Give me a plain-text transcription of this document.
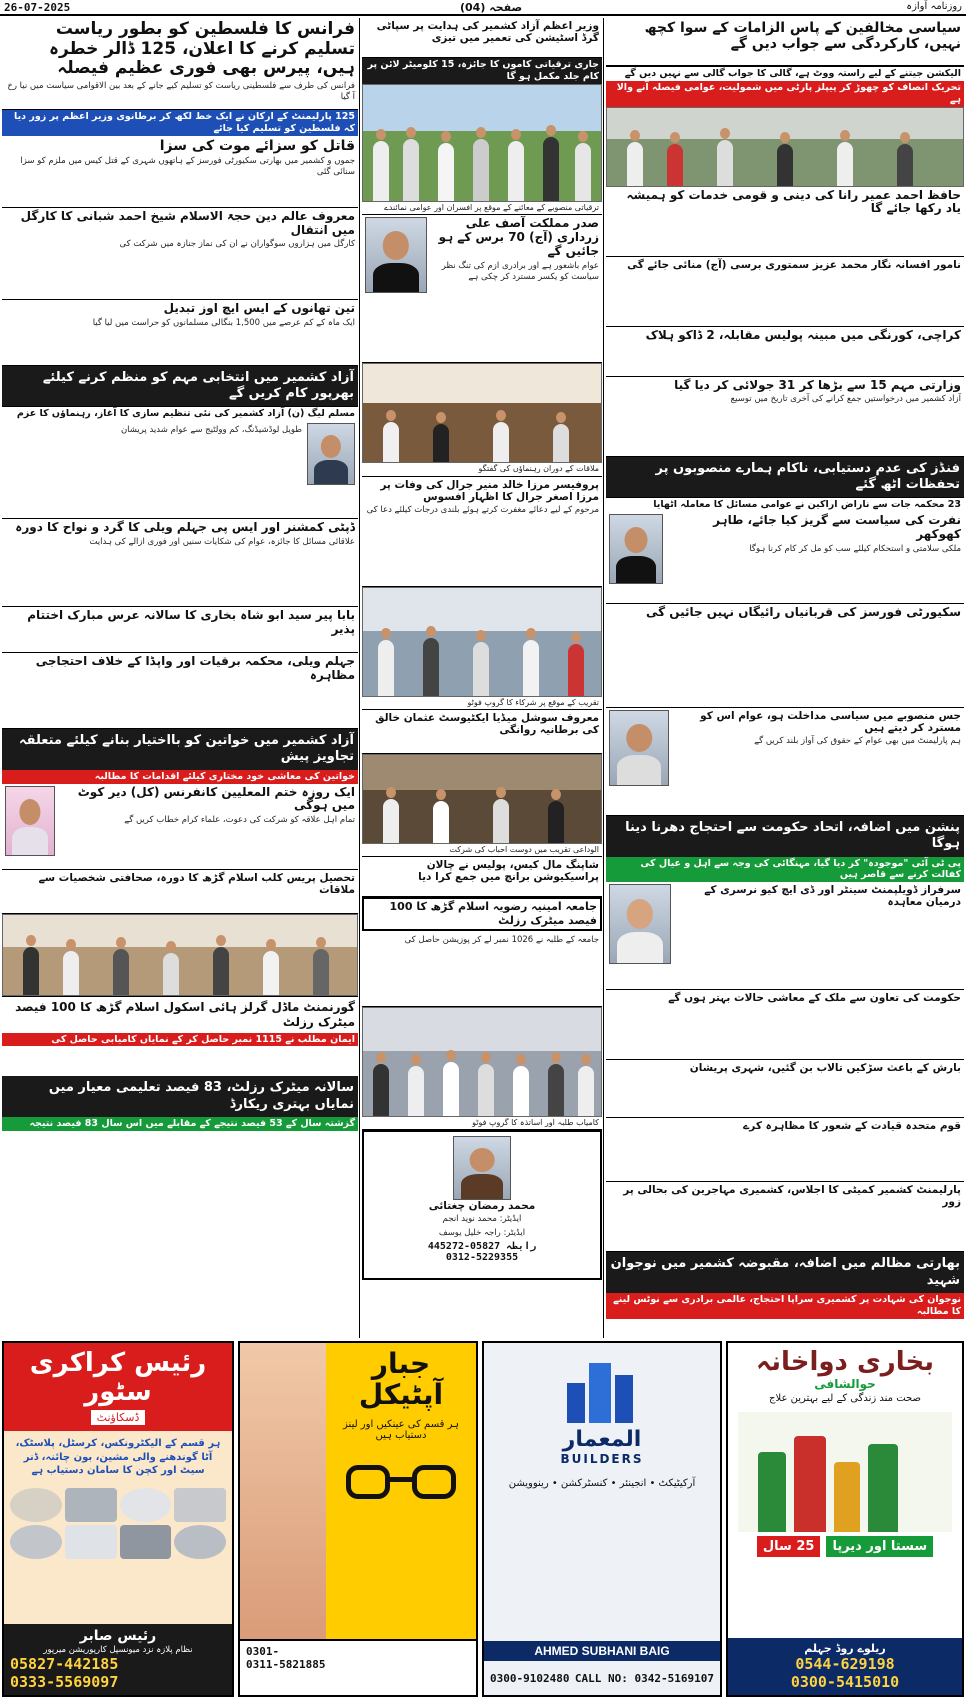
26-07-2025	صفحہ (04)	روزنامہ آوازہ
فرانس کا فلسطین کو بطور ریاست تسلیم کرنے کا اعلان، 125 ڈالر خطرہ ہیں، پیرس بھی فوری عظیم فیصلہ
فرانس کی طرف سے فلسطینی ریاست کو تسلیم کیے جانے کے بعد بین الاقوامی سیاست میں نیا رخ آ گیا
125 پارلیمنٹ کے ارکان نے ایک خط لکھ کر برطانوی وزیر اعظم پر زور دیا کہ فلسطین کو تسلیم کیا جائے
قاتل کو سزائے موت کی سزا
جموں و کشمیر میں بھارتی سکیورٹی فورسز کے ہاتھوں شہری کے قتل کیس میں ملزم کو سزا سنائی گئی
معروف عالم دین حجۃ الاسلام شیخ احمد شبانی کا کارگل میں انتقال
کارگل میں ہزاروں سوگواران نے ان کی نماز جنازہ میں شرکت کی
تین تھانوں کے ایس ایچ اوز تبدیل
ایک ماہ کے کم عرصے میں 1,500 بنگالی مسلمانوں کو حراست میں لیا گیا
آزاد کشمیر میں انتخابی مہم کو منظم کرنے کیلئے بھرپور کام کریں گے
مسلم لیگ (ن) آزاد کشمیر کی نئی تنظیم سازی کا آغاز، رہنماؤں کا عزم
طویل لوڈشیڈنگ، کم وولٹیج سے عوام شدید پریشان
ڈپٹی کمشنر اور ایس پی جہلم ویلی کا گرد و نواح کا دورہ
علاقائی مسائل کا جائزہ، عوام کی شکایات سنیں اور فوری ازالے کی ہدایت
بابا پیر سید ابو شاہ بخاری کا سالانہ عرس مبارک اختتام پذیر
جہلم ویلی، محکمہ برقیات اور واپڈا کے خلاف احتجاجی مظاہرہ
آزاد کشمیر میں خواتین کو بااختیار بنانے کیلئے متعلقہ تجاویز پیش
خواتین کی معاشی خود مختاری کیلئے اقدامات کا مطالبہ
ایک روزہ ختم المعلیین کانفرنس (کل) دیر کوٹ میں ہوگی
تمام اہل علاقہ کو شرکت کی دعوت، علماء کرام خطاب کریں گے
تحصیل پریس کلب اسلام گڑھ کا دورہ، صحافتی شخصیات سے ملاقات
گورنمنٹ ماڈل گرلز ہائی اسکول اسلام گڑھ کا 100 فیصد میٹرک رزلٹ
ایمان مطلب نے 1115 نمبر حاصل کر کے نمایاں کامیابی حاصل کی
سالانہ میٹرک رزلٹ، 83 فیصد تعلیمی معیار میں نمایاں بہتری ریکارڈ
گزشتہ سال کے 53 فیصد نتیجے کے مقابلے میں اس سال 83 فیصد نتیجہ
وزیر اعظم آزاد کشمیر کی ہدایت پر سپاٹی گرڈ اسٹیشن کی تعمیر میں تیزی
جاری ترقیاتی کاموں کا جائزہ، 15 کلومیٹر لائن پر کام جلد مکمل ہو گا
ترقیاتی منصوبے کے معائنے کے موقع پر افسران اور عوامی نمائندے
صدر مملکت آصف علی زرداری (آج) 70 برس کے ہو جائیں گے
عوام باشعور ہے اور برادری ازم کی تنگ نظر سیاست کو یکسر مسترد کر چکی ہے
ملاقات کے دوران رہنماؤں کی گفتگو
پروفیسر مرزا خالد منیر جرال کی وفات پر مرزا اصغر جرال کا اظہار افسوس
مرحوم کے لیے دعائے مغفرت کرتے ہوئے بلندی درجات کیلئے دعا کی
تقریب کے موقع پر شرکاء کا گروپ فوٹو
معروف سوشل میڈیا ایکٹیوسٹ عثمان خالق کی برطانیہ روانگی
الوداعی تقریب میں دوست احباب کی شرکت
شاپنگ مال کیس، پولیس نے چالان پراسیکیوشن برانچ میں جمع کرا دیا
جامعہ امینیہ رضویہ اسلام گڑھ کا 100 فیصد میٹرک رزلٹ
جامعہ کے طلبہ نے 1026 نمبر لے کر پوزیشن حاصل کی
کامیاب طلبہ اور اساتذہ کا گروپ فوٹو
محمد رمضان چغتائی
ایڈیٹر: محمد نوید انجم
ایڈیٹر: راجہ خلیل یوسف
رابطہ 05827-445272
0312-5229355
سیاسی مخالفین کے پاس الزامات کے سوا کچھ نہیں، کارکردگی سے جواب دیں گے
الیکشن جیتنے کے لیے راستہ ووٹ ہے، گالی کا جواب گالی سے نہیں دیں گے
تحریک انصاف کو چھوڑ کر پیپلز پارٹی میں شمولیت، عوامی فیصلہ آنے والا ہے
حافظ احمد عمیر رانا کی دینی و قومی خدمات کو ہمیشہ یاد رکھا جائے گا
نامور افسانہ نگار محمد عزیز سمتوری برسی (آج) منائی جائے گی
کراچی، کورنگی میں مبینہ پولیس مقابلہ، 2 ڈاکو ہلاک
وزارتی مہم 15 سے بڑھا کر 31 جولائی کر دیا گیا
آزاد کشمیر میں درخواستیں جمع کرانے کی آخری تاریخ میں توسیع
فنڈز کی عدم دستیابی، ناکام ہمارے منصوبوں پر تحفظات اٹھ گئے
23 محکمہ جات سے ناراض اراکین نے عوامی مسائل کا معاملہ اٹھایا
نفرت کی سیاست سے گریز کیا جائے، طاہر کھوکھر
ملکی سلامتی و استحکام کیلئے سب کو مل کر کام کرنا ہوگا
سکیورٹی فورسز کی قربانیاں رائیگاں نہیں جائیں گی
جس منصوبے میں سیاسی مداخلت ہو، عوام اس کو مسترد کر دیتے ہیں
ہم پارلیمنٹ میں بھی عوام کے حقوق کی آواز بلند کریں گے
پنشن میں اضافہ، اتحاد حکومت سے احتجاج دھرنا دینا ہوگا
پی ٹی آئی "موجودہ" کر دیا گیا، مہنگائی کی وجہ سے اہل و عیال کی کفالت کرنے سے قاصر ہیں
سرفراز ڈویلپمنٹ سینٹر اور ڈی ایچ کیو نرسری کے درمیان معاہدہ
حکومت کی تعاون سے ملک کے معاشی حالات بہتر ہوں گے
بارش کے باعث سڑکیں تالاب بن گئیں، شہری پریشان
قوم متحدہ قیادت کے شعور کا مظاہرہ کرے
پارلیمنٹ کشمیر کمیٹی کا اجلاس، کشمیری مہاجرین کی بحالی پر زور
بھارتی مظالم میں اضافہ، مقبوضہ کشمیر میں نوجوان شہید
نوجوان کی شہادت پر کشمیری سراپا احتجاج، عالمی برادری سے نوٹس لینے کا مطالبہ
رئیس کراکری سٹور
ڈسکاؤنٹ
ہر قسم کے الیکٹرونکس، کرسٹل، پلاسٹک، آٹا گوندھنے والی مشین، بون چائنہ، ڈنر سیٹ اور کچن کا سامان دستیاب ہے
رئیس صابر
نظام پلازہ نزد میونسپل کارپوریشن میرپور
05827-442185
0333-5569097
جبار آپٹیکل
ہر قسم کی عینکیں اور لینز دستیاب ہیں
0301-
0311-5821885
المعمار
BUILDERS
آرکیٹیکٹ • انجینئر • کنسٹرکشن • رینوویشن
AHMED SUBHANI BAIG
0300-9102480 CALL NO: 0342-5169107
بخاری دواخانہ
حوالشافی
صحت مند زندگی کے لیے بہترین علاج
سستا اور دیرپا
25 سال
ریلوے روڈ جہلم
0544-629198
0300-5415010
